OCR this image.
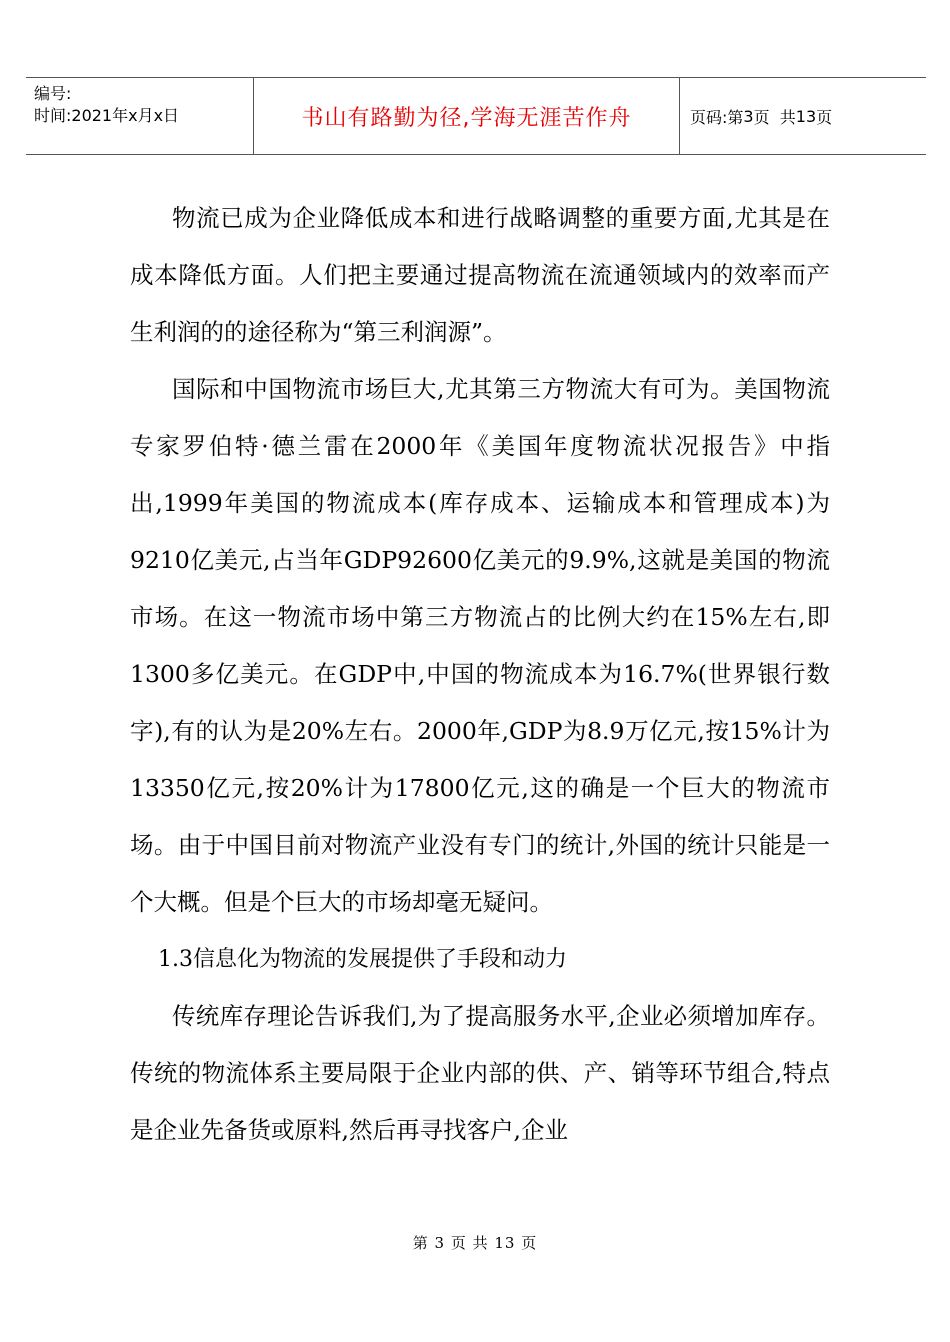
编号:
时间:2021年x月x日	书山有路勤为径,学海无涯苦作舟	页码:第 3 页  共 13 页

物流已成为企业降低成本和进行战略调整的重要方面,尤其是在成本降低方面。人们把主要通过提高物流在流通领域内的效率而产生利润的的途径称为“第三利润源”。

国际和中国物流市场巨大,尤其第三方物流大有可为。美国物流专家罗伯特·德兰雷在2000年《美国年度物流状况报告》中指出,1999年美国的物流成本(库存成本、运输成本和管理成本)为9210亿美元,占当年GDP92600亿美元的9.9%,这就是美国的物流市场。在这一物流市场中第三方物流占的比例大约在15%左右,即1300多亿美元。在GDP中,中国的物流成本为16.7%(世界银行数字),有的认为是20%左右。2000年,GDP为8.9万亿元,按15%计为13350亿元,按20%计为17800亿元,这的确是一个巨大的物流市场。由于中国目前对物流产业没有专门的统计,外国的统计只能是一个大概。但是个巨大的市场却毫无疑问。

1.3信息化为物流的发展提供了手段和动力

传统库存理论告诉我们,为了提高服务水平,企业必须增加库存。传统的物流体系主要局限于企业内部的供、产、销等环节组合,特点是企业先备货或原料,然后再寻找客户,企业

第 3 页 共 13 页
